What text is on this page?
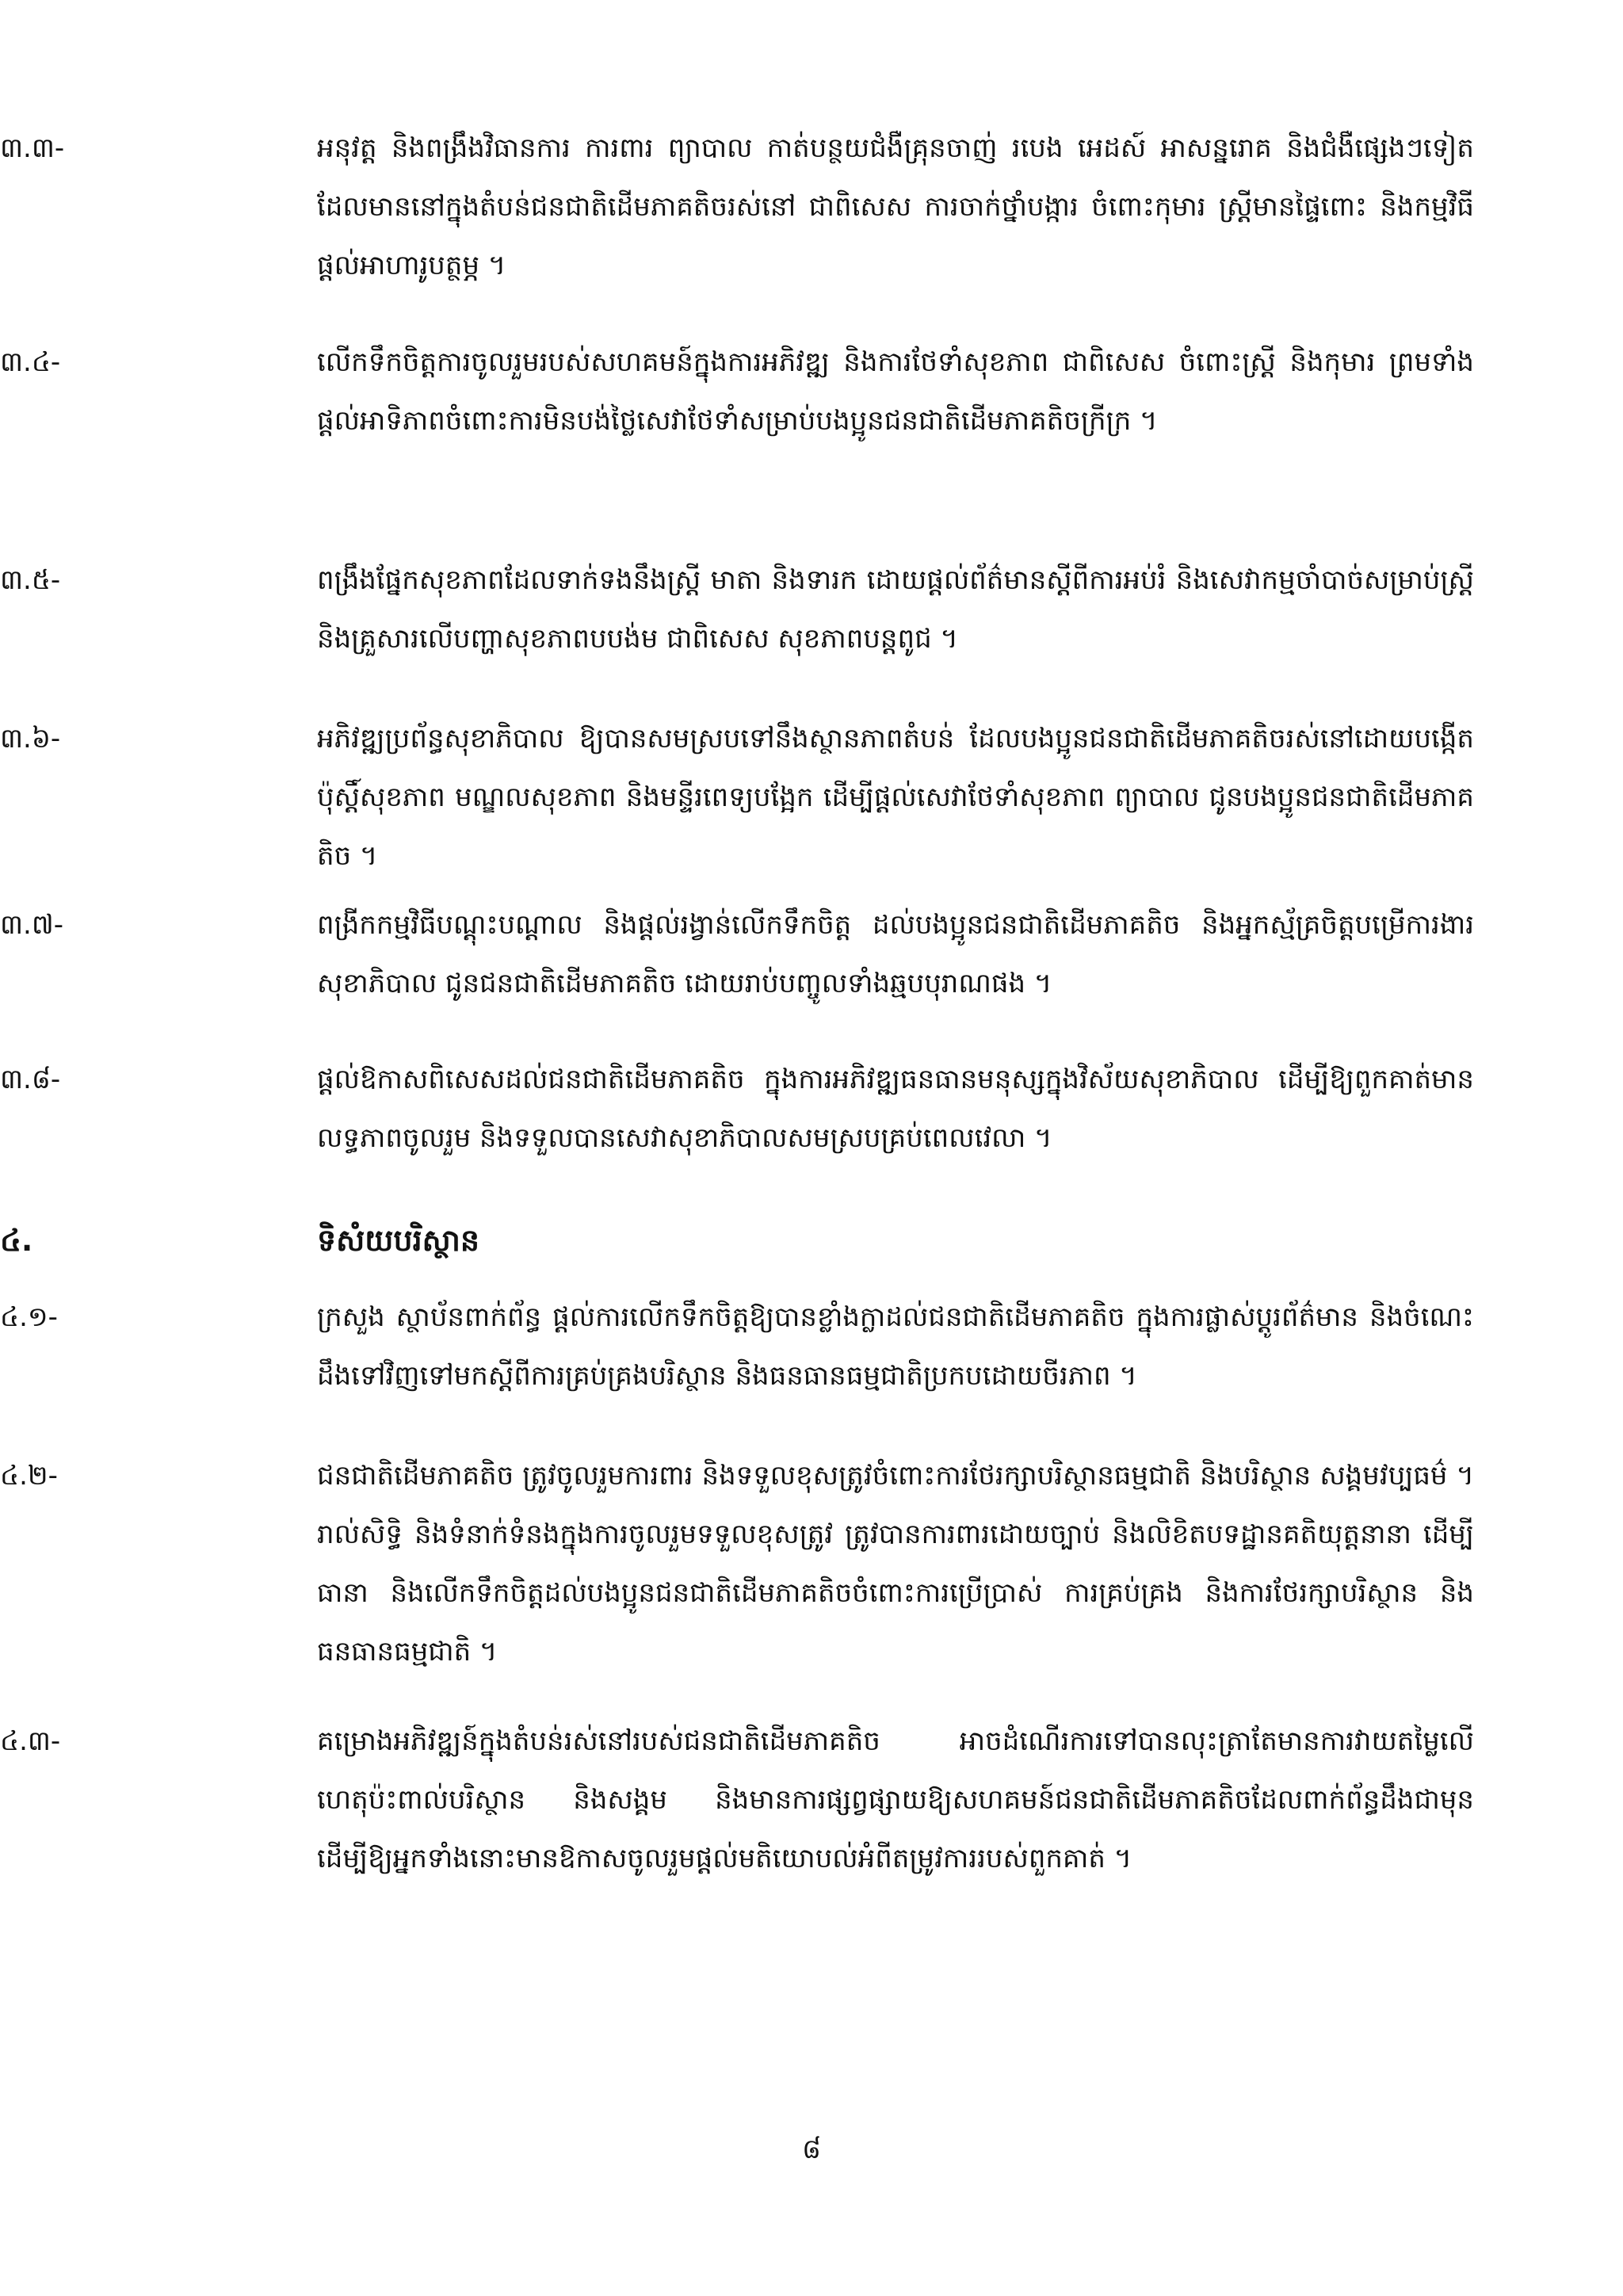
៣.៣-	អនុវត្ត និងពង្រឹងវិធានការ ការពារ ព្យាបាល កាត់បន្ថយជំងឺគ្រុនចាញ់ របេង អេដស៍ អាសន្នរោគ និងជំងឺផ្សេងៗទៀត ដែលមាននៅក្នុងតំបន់ជនជាតិដើមភាគតិចរស់នៅ ជាពិសេស ការចាក់ថ្នាំបង្ការ ចំពោះកុមារ ស្ត្រីមានផ្ទៃពោះ និងកម្មវិធីផ្តល់អាហារូបត្ថម្ភ ។
៣.៤-	លើកទឹកចិត្តការចូលរួមរបស់សហគមន៍ក្នុងការអភិវឌ្ឍ និងការថែទាំសុខភាព ជាពិសេស ចំពោះស្ត្រី និងកុមារ ព្រមទាំងផ្តល់អាទិភាពចំពោះការមិនបង់ថ្លៃសេវាថែទាំសម្រាប់បងប្អូនជនជាតិដើមភាគតិចក្រីក្រ ។
៣.៥-	ពង្រឹងផ្នែកសុខភាពដែលទាក់ទងនឹងស្ត្រី មាតា និងទារក ដោយផ្តល់ព័ត៌មានស្តីពីការអប់រំ និងសេវាកម្មចាំបាច់សម្រាប់ស្ត្រី និងគ្រួសារលើបញ្ហាសុខភាពបបង់ម ជាពិសេស សុខភាពបន្តពូជ ។
៣.៦-	អភិវឌ្ឍប្រព័ន្ធសុខាភិបាល ឱ្យបានសមស្របទៅនឹងស្ថានភាពតំបន់ ដែលបងប្អូនជនជាតិដើមភាគតិចរស់នៅដោយបង្កើតប៉ុស្តិ៍សុខភាព មណ្ឌលសុខភាព និងមន្ទីរពេទ្យបង្អែក ដើម្បីផ្តល់សេវាថែទាំសុខភាព ព្យាបាល ជូនបងប្អូនជនជាតិដើមភាគតិច ។
៣.៧-	ពង្រីកកម្មវិធីបណ្តុះបណ្តាល និងផ្តល់រង្វាន់លើកទឹកចិត្ត ដល់បងប្អូនជនជាតិដើមភាគតិច និងអ្នកស្ម័គ្រចិត្តបម្រើការងារសុខាភិបាល ជូនជនជាតិដើមភាគតិច ដោយរាប់បញ្ចូលទាំងឆ្មបបុរាណផង ។
៣.៨-	ផ្តល់ឱកាសពិសេសដល់ជនជាតិដើមភាគតិច ក្នុងការអភិវឌ្ឍធនធានមនុស្សក្នុងវិស័យសុខាភិបាល ដើម្បីឱ្យពួកគាត់មានលទ្ធភាពចូលរួម និងទទួលបានសេវាសុខាភិបាលសមស្របគ្រប់ពេលវេលា ។
៤.	ទិសំយបរិស្ថាន
៤.១-	ក្រសួង ស្ថាប័នពាក់ព័ន្ធ ផ្តល់ការលើកទឹកចិត្តឱ្យបានខ្លាំងក្លាដល់ជនជាតិដើមភាគតិច ក្នុងការផ្លាស់ប្តូរព័ត៌មាន និងចំណេះដឹងទៅវិញទៅមកស្តីពីការគ្រប់គ្រងបរិស្ថាន និងធនធានធម្មជាតិប្រកបដោយចីរភាព ។
៤.២-	ជនជាតិដើមភាគតិច ត្រូវចូលរួមការពារ និងទទួលខុសត្រូវចំពោះការថែរក្សាបរិស្ថានធម្មជាតិ និងបរិស្ថាន សង្គមវប្បធម៌ ។ រាល់សិទ្ធិ និងទំនាក់ទំនងក្នុងការចូលរួមទទួលខុសត្រូវ ត្រូវបានការពារដោយច្បាប់ និងលិខិតបទដ្ឋានគតិយុត្តនានា ដើម្បីធានា និងលើកទឹកចិត្តដល់បងប្អូនជនជាតិដើមភាគតិចចំពោះការប្រើប្រាស់ ការគ្រប់គ្រង និងការថែរក្សាបរិស្ថាន និងធនធានធម្មជាតិ ។
៤.៣-	គម្រោងអភិវឌ្ឍន៍ក្នុងតំបន់រស់នៅរបស់ជនជាតិដើមភាគតិច អាចដំណើរការទៅបានលុះត្រាតែមានការវាយតម្លៃលើហេតុប៉ះពាល់បរិស្ថាន និងសង្គម និងមានការផ្សព្វផ្សាយឱ្យសហគមន៍ជនជាតិដើមភាគតិចដែលពាក់ព័ន្ធដឹងជាមុន ដើម្បីឱ្យអ្នកទាំងនោះមានឱកាសចូលរួមផ្តល់មតិយោបល់អំពីតម្រូវការរបស់ពួកគាត់ ។
៨
